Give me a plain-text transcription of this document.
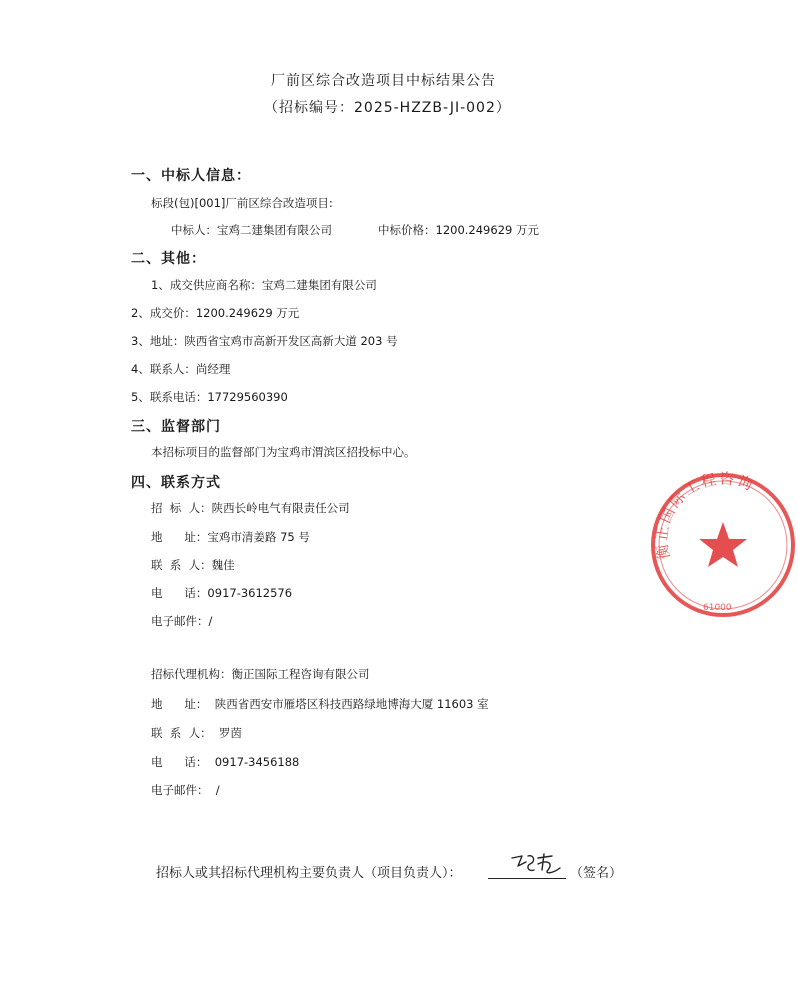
厂前区综合改造项目中标结果公告
（招标编号：2025-HZZB-JI-002）
一、中标人信息：
标段(包)[001]厂前区综合改造项目:
中标人：宝鸡二建集团有限公司	中标价格：1200.249629 万元
二、其他：
1、成交供应商名称：宝鸡二建集团有限公司
2、成交价：1200.249629 万元
3、地址：陕西省宝鸡市高新开发区高新大道 203 号
4、联系人：尚经理
5、联系电话：17729560390
三、监督部门
本招标项目的监督部门为宝鸡市渭滨区招投标中心。
四、联系方式
招  标  人：陕西长岭电气有限责任公司
地      址：宝鸡市清姜路 75 号
联  系  人：魏佳
电      话：0917-3612576
电子邮件：/
招标代理机构：衡正国际工程咨询有限公司
地      址：  陕西省西安市雁塔区科技西路绿地博海大厦 11603 室
联  系  人：  罗茵
电      话：  0917-3456188
电子邮件：  /
招标人或其招标代理机构主要负责人（项目负责人）：	（签名）
衡正国际工程咨询
61000
